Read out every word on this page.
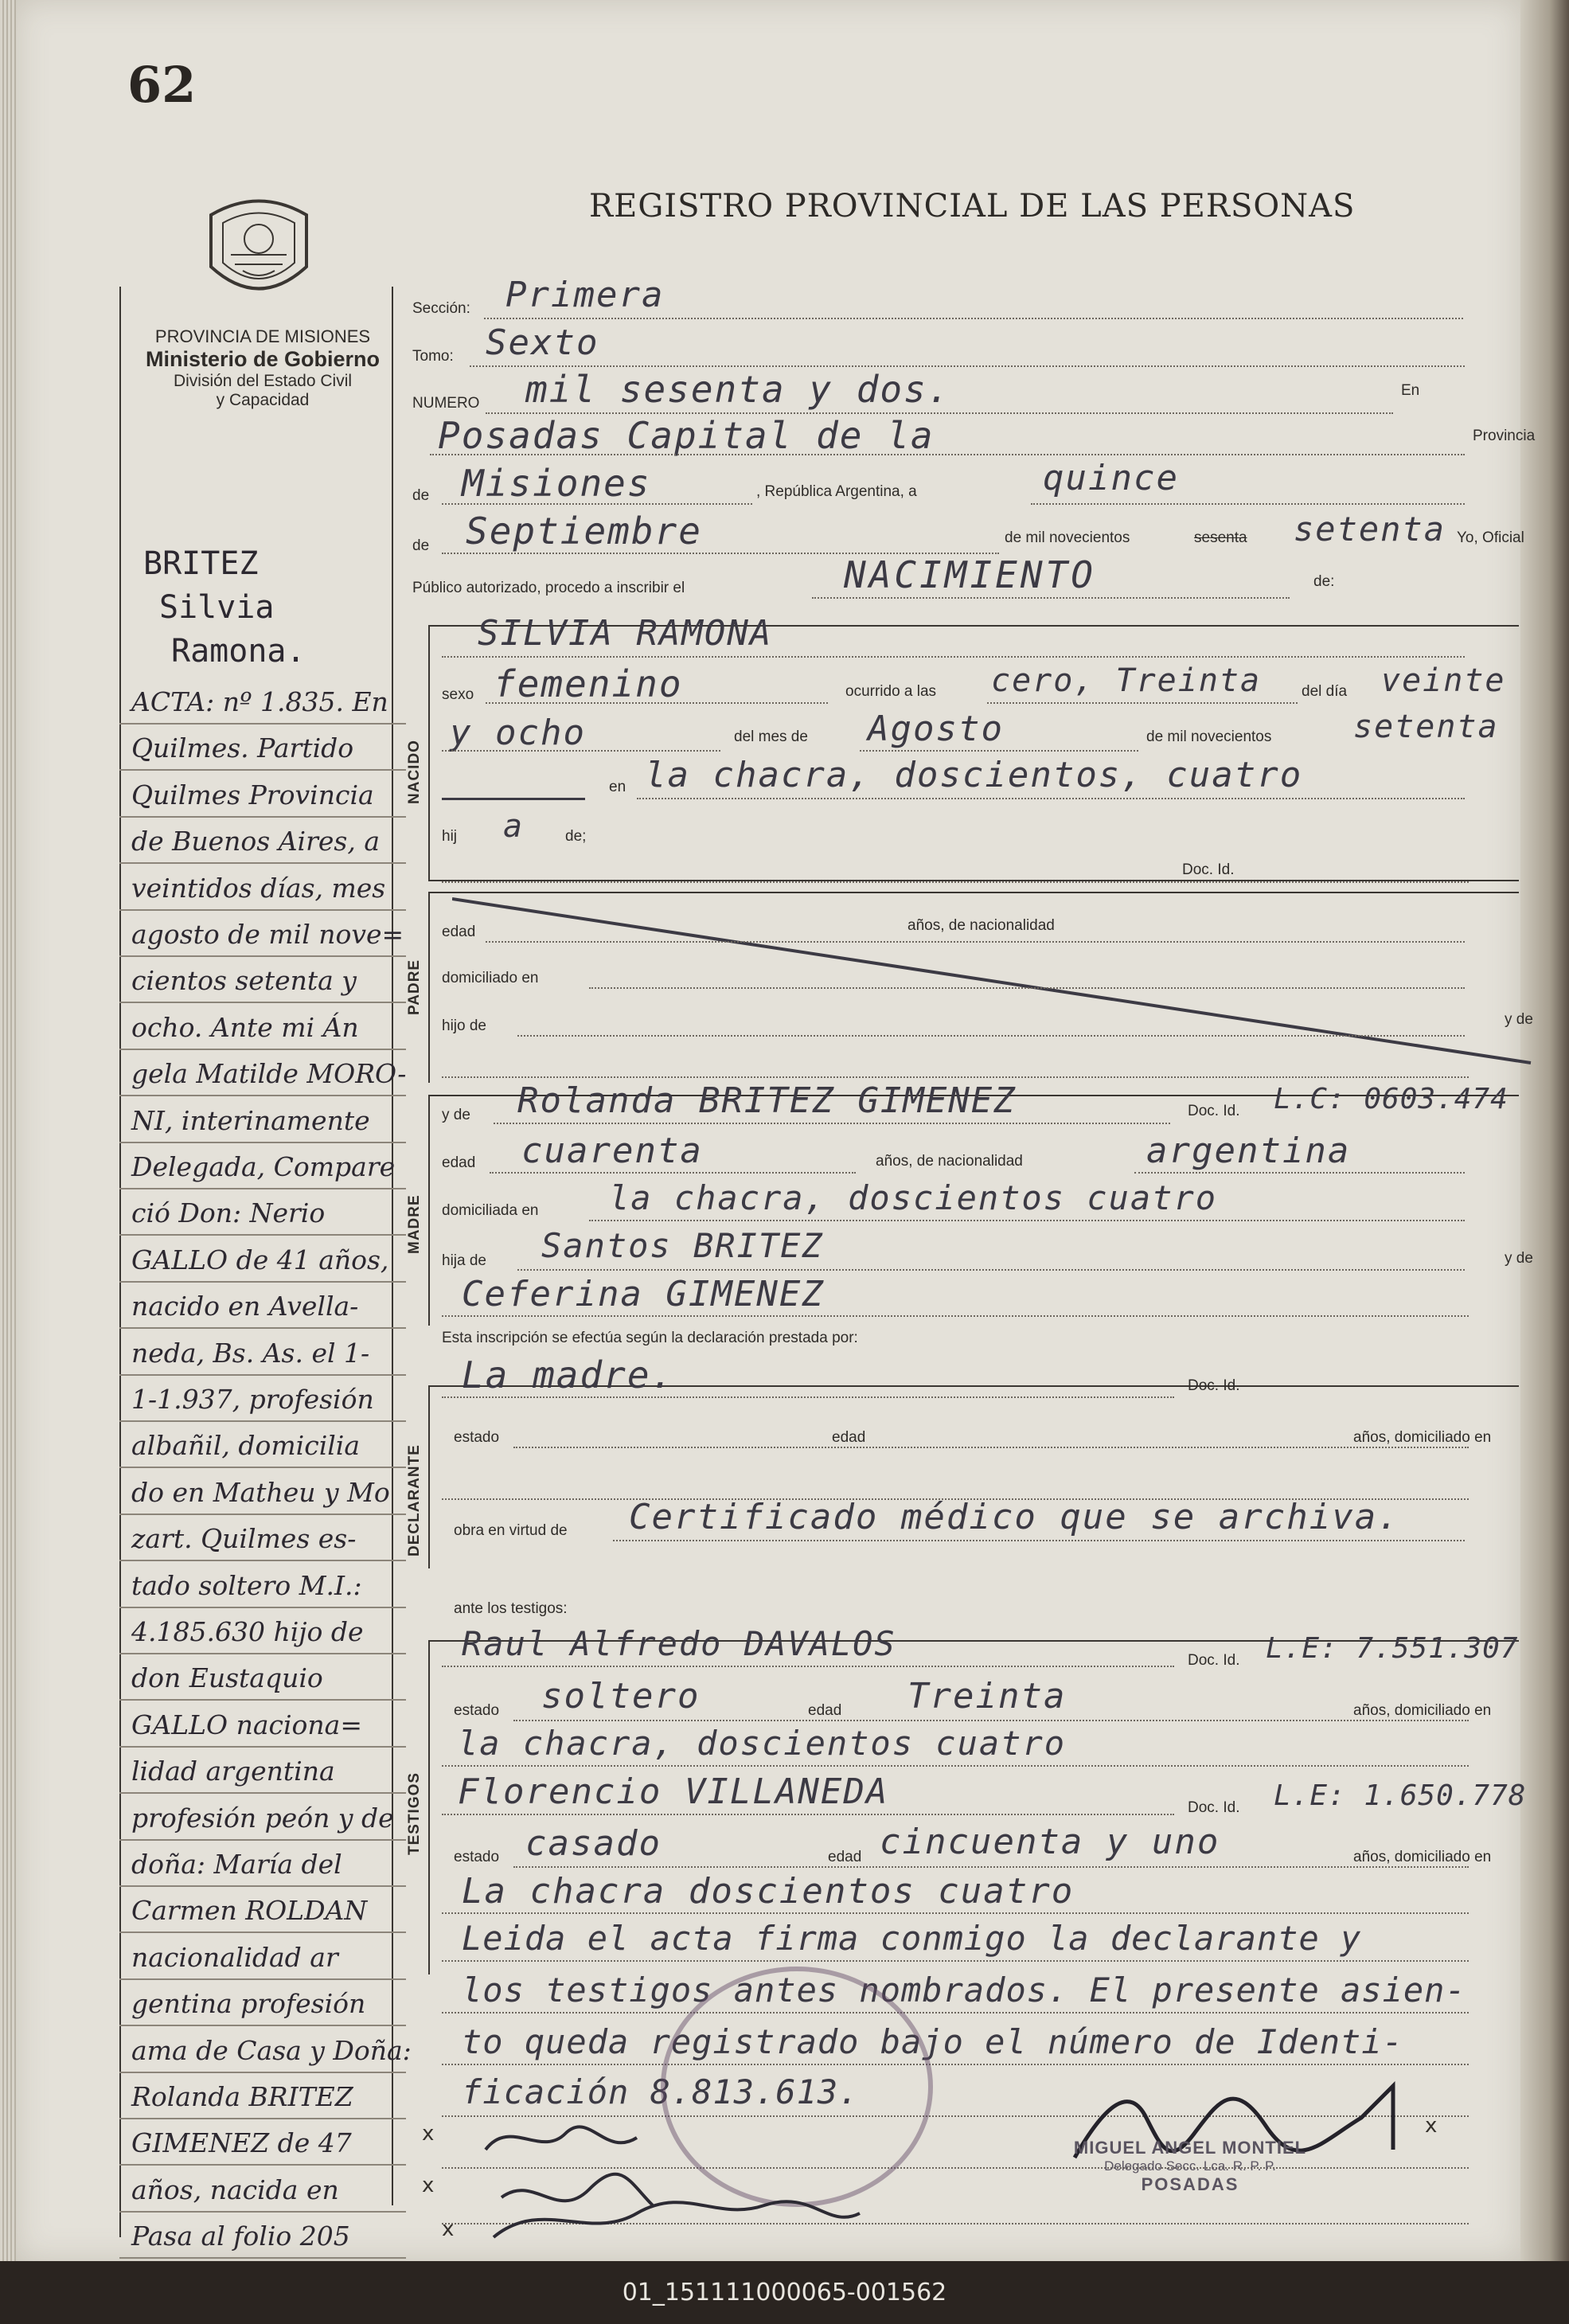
62
REGISTRO PROVINCIAL DE LAS PERSONAS
PROVINCIA DE MISIONES
Ministerio de Gobierno
División del Estado Civil
y Capacidad
NACIDO
PADRE
MADRE
DECLARANTE
TESTIGOS
Sección: Primera
Tomo: Sexto
NUMERO mil sesenta y dos.	En
Posadas Capital de la	Provincia
de Misiones	, República Argentina, a	quince
de Septiembre	de mil novecientos	sesenta setenta Yo, Oficial
Público autorizado, procedo a inscribir el	NACIMIENTO	de:
SILVIA RAMONA
sexo femenino	ocurrido a las cero, Treinta	del día veinte
y ocho	del mes de Agosto	de mil novecientos	setenta
en la chacra, doscientos, cuatro
hij a	de;
Doc. Id.
edad	años, de nacionalidad
domiciliado en
hijo de	y de
y de Rolanda BRITEZ GIMENEZ	Doc. Id. L.C: 0603.474
edad cuarenta	años, de nacionalidad	argentina
domiciliada en la chacra, doscientos cuatro
hija de Santos BRITEZ	y de
Ceferina GIMENEZ
Esta inscripción se efectúa según la declaración prestada por:
La madre.	Doc. Id.
estado	edad	años, domiciliado en
obra en virtud de Certificado médico que se archiva.
ante los testigos:
Raul Alfredo DAVALOS	Doc. Id. L.E: 7.551.307
estado soltero	edad Treinta	años, domiciliado en
la chacra, doscientos cuatro
Florencio VILLANEDA	Doc. Id. L.E: 1.650.778
estado casado	edad cincuenta y uno	años, domiciliado en
La chacra doscientos cuatro
Leida el acta firma conmigo la declarante y
los testigos antes nombrados. El presente asien-
to queda registrado bajo el número de Identi-
ficación 8.813.613.
MIGUEL ANGEL MONTIEL
Delegado Secc. Lca. R. P. P.
POSADAS
x
x
x
x
BRITEZ
Silvia
Ramona.
ACTA: nº 1.835. En
Quilmes. Partido
Quilmes Provincia
de Buenos Aires, a
veintidos días, mes
agosto de mil nove=
cientos setenta y
ocho. Ante mi Án
gela Matilde MORO-
NI, interinamente
Delegada, Compare
ció Don: Nerio
GALLO de 41 años,
nacido en Avella-
neda, Bs. As. el 1-
1-1.937, profesión
albañil, domicilia
do en Matheu y Mo
zart. Quilmes es-
tado soltero M.I.:
4.185.630 hijo de
don Eustaquio
GALLO naciona=
lidad argentina
profesión peón y de
doña: María del
Carmen ROLDAN
nacionalidad ar
gentina profesión
ama de Casa y Doña:
Rolanda BRITEZ
GIMENEZ de 47
años, nacida en
Pasa al folio 205
01_151111000065-001562
